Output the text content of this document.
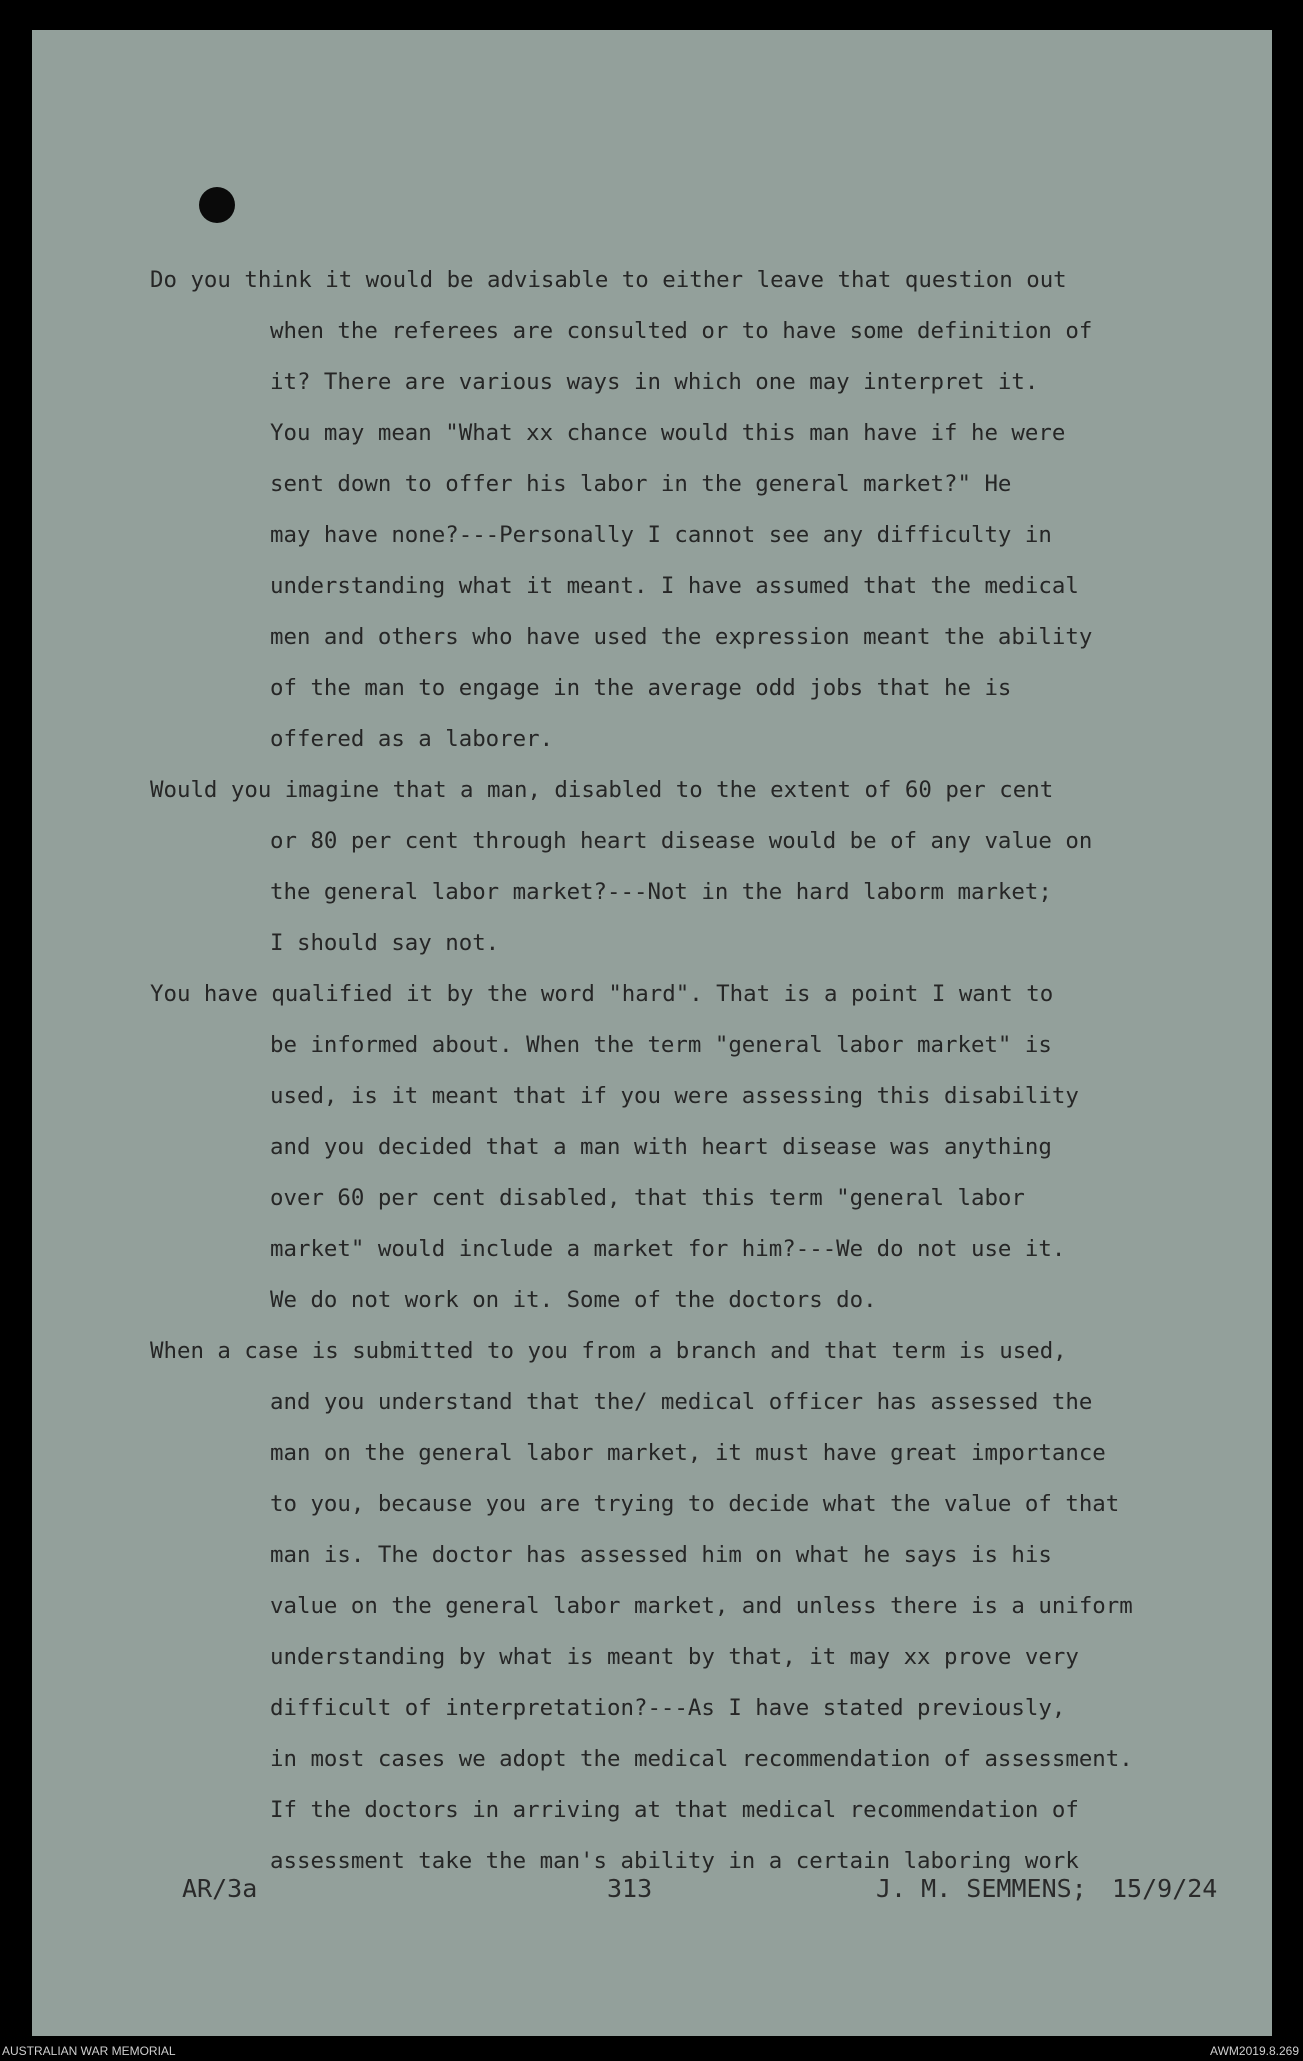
Do you think it would be advisable to either leave that question out
when the referees are consulted or to have some definition of
it? There are various ways in which one may interpret it.
You may mean "What xx chance would this man have if he were
sent down to offer his labor in the general market?" He
may have none?---Personally I cannot see any difficulty in
understanding what it meant. I have assumed that the medical
men and others who have used the expression meant the ability
of the man to engage in the average odd jobs that he is
offered as a laborer.
Would you imagine that a man, disabled to the extent of 60 per cent
or 80 per cent through heart disease would be of any value on
the general labor market?---Not in the hard laborm market;
I should say not.
You have qualified it by the word "hard". That is a point I want to
be informed about. When the term "general labor market" is
used, is it meant that if you were assessing this disability
and you decided that a man with heart disease was anything
over 60 per cent disabled, that this term "general labor
market" would include a market for him?---We do not use it.
We do not work on it. Some of the doctors do.
When a case is submitted to you from a branch and that term is used,
and you understand that the/ medical officer has assessed the
man on the general labor market, it must have great importance
to you, because you are trying to decide what the value of that
man is. The doctor has assessed him on what he says is his
value on the general labor market, and unless there is a uniform
understanding by what is meant by that, it may xx prove very
difficult of interpretation?---As I have stated previously,
in most cases we adopt the medical recommendation of assessment.
If the doctors in arriving at that medical recommendation of
assessment take the man's ability in a certain laboring work
AR/3a	313	J. M. SEMMENS; 15/9/24
AUSTRALIAN WAR MEMORIAL	AWM2019.8.269
